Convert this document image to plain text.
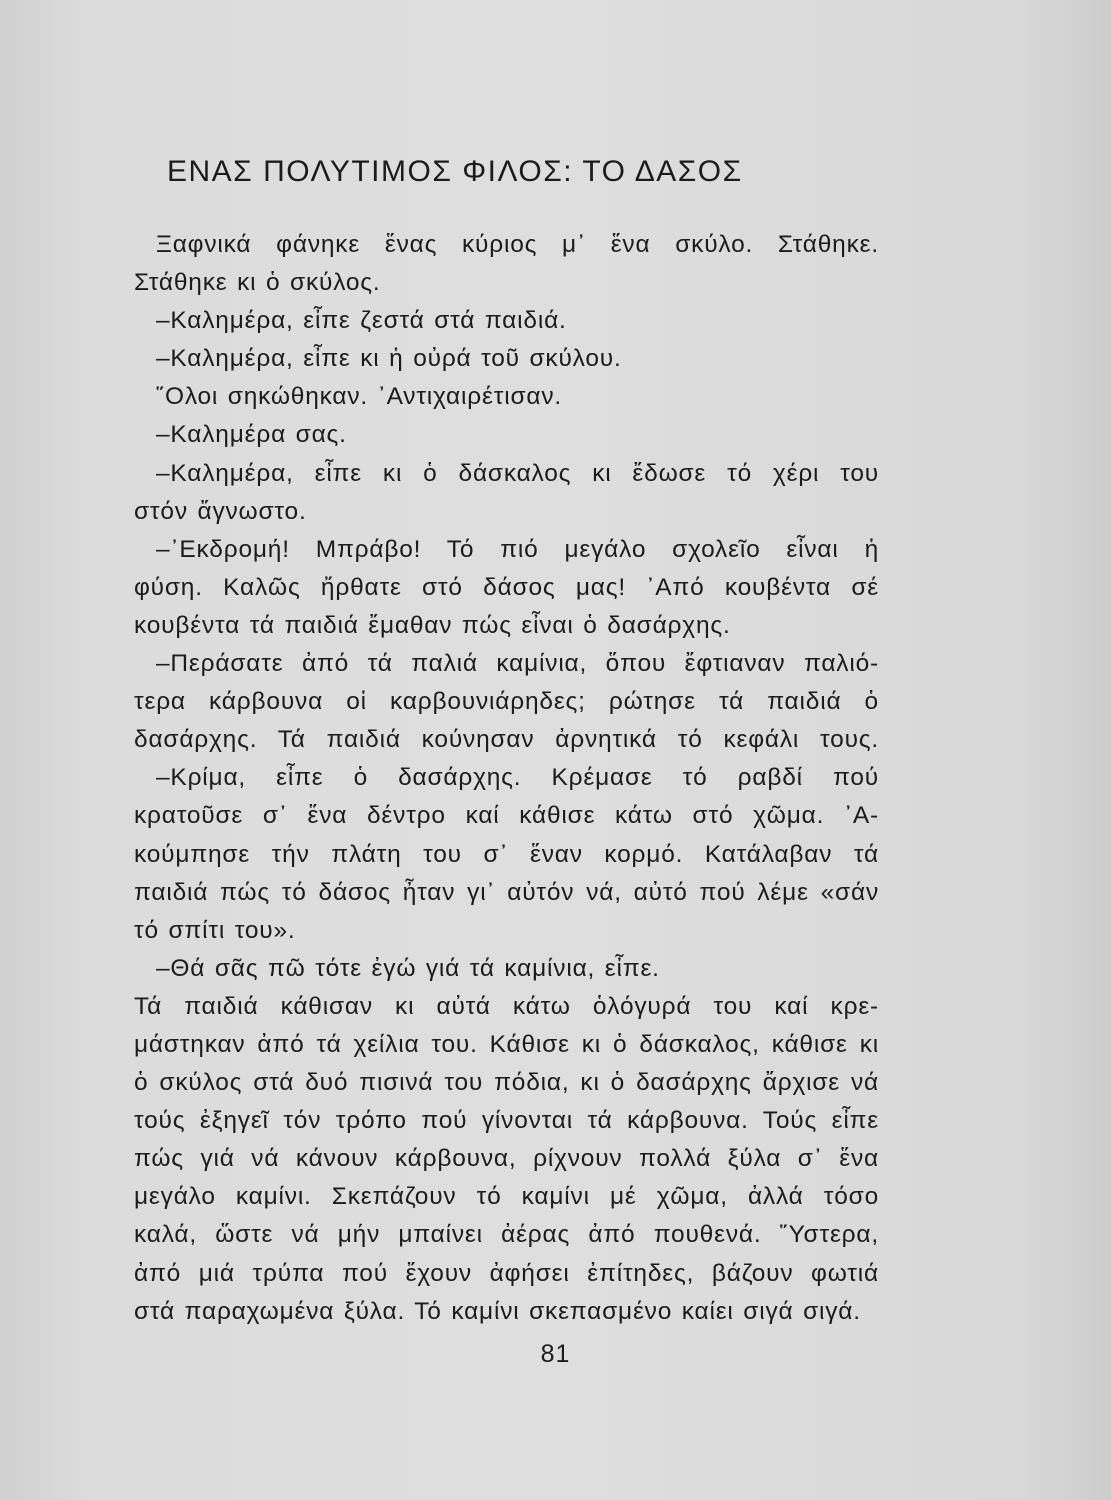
ΕΝΑΣ ΠΟΛΥΤΙΜΟΣ ΦΙΛΟΣ: ΤΟ ΔΑΣΟΣ
Ξαφνικά φάνηκε ἕνας κύριος μ᾿ ἕνα σκύλο. Στάθηκε.
Στάθηκε κι ὁ σκύλος.
–Καλημέρα, εἶπε ζεστά στά παιδιά.
–Καλημέρα, εἶπε κι ἡ οὐρά τοῦ σκύλου.
῞Ολοι σηκώθηκαν. ᾿Αντιχαιρέτισαν.
–Καλημέρα σας.
–Καλημέρα, εἶπε κι ὁ δάσκαλος κι ἔδωσε τό χέρι του
στόν ἄγνωστο.
–᾿Εκδρομή! Μπράβο! Τό πιό μεγάλο σχολεῖο εἶναι ἡ
φύση. Καλῶς ἤρθατε στό δάσος μας! ᾿Από κουβέντα σέ
κουβέντα τά παιδιά ἔμαθαν πώς εἶναι ὁ δασάρχης.
–Περάσατε ἀπό τά παλιά καμίνια, ὅπου ἔφτιαναν παλιό-
τερα κάρβουνα οἱ καρβουνιάρηδες; ρώτησε τά παιδιά ὁ
δασάρχης. Τά παιδιά κούνησαν ἀρνητικά τό κεφάλι τους.
–Κρίμα, εἶπε ὁ δασάρχης. Κρέμασε τό ραβδί πού
κρατοῦσε σ᾿ ἕνα δέντρο καί κάθισε κάτω στό χῶμα. ᾿Α-
κούμπησε τήν πλάτη του σ᾿ ἕναν κορμό. Κατάλαβαν τά
παιδιά πώς τό δάσος ἦταν γι᾿ αὐτόν νά, αὐτό πού λέμε «σάν
τό σπίτι του».
–Θά σᾶς πῶ τότε ἐγώ γιά τά καμίνια, εἶπε.
Τά παιδιά κάθισαν κι αὐτά κάτω ὁλόγυρά του καί κρε-
μάστηκαν ἀπό τά χείλια του. Κάθισε κι ὁ δάσκαλος, κάθισε κι
ὁ σκύλος στά δυό πισινά του πόδια, κι ὁ δασάρχης ἄρχισε νά
τούς ἐξηγεῖ τόν τρόπο πού γίνονται τά κάρβουνα. Τούς εἶπε
πώς γιά νά κάνουν κάρβουνα, ρίχνουν πολλά ξύλα σ᾿ ἕνα
μεγάλο καμίνι. Σκεπάζουν τό καμίνι μέ χῶμα, ἀλλά τόσο
καλά, ὥστε νά μήν μπαίνει ἀέρας ἀπό πουθενά. ῞Υστερα,
ἀπό μιά τρύπα πού ἔχουν ἀφήσει ἐπίτηδες, βάζουν φωτιά
στά παραχωμένα ξύλα. Τό καμίνι σκεπασμένο καίει σιγά σιγά.
81
